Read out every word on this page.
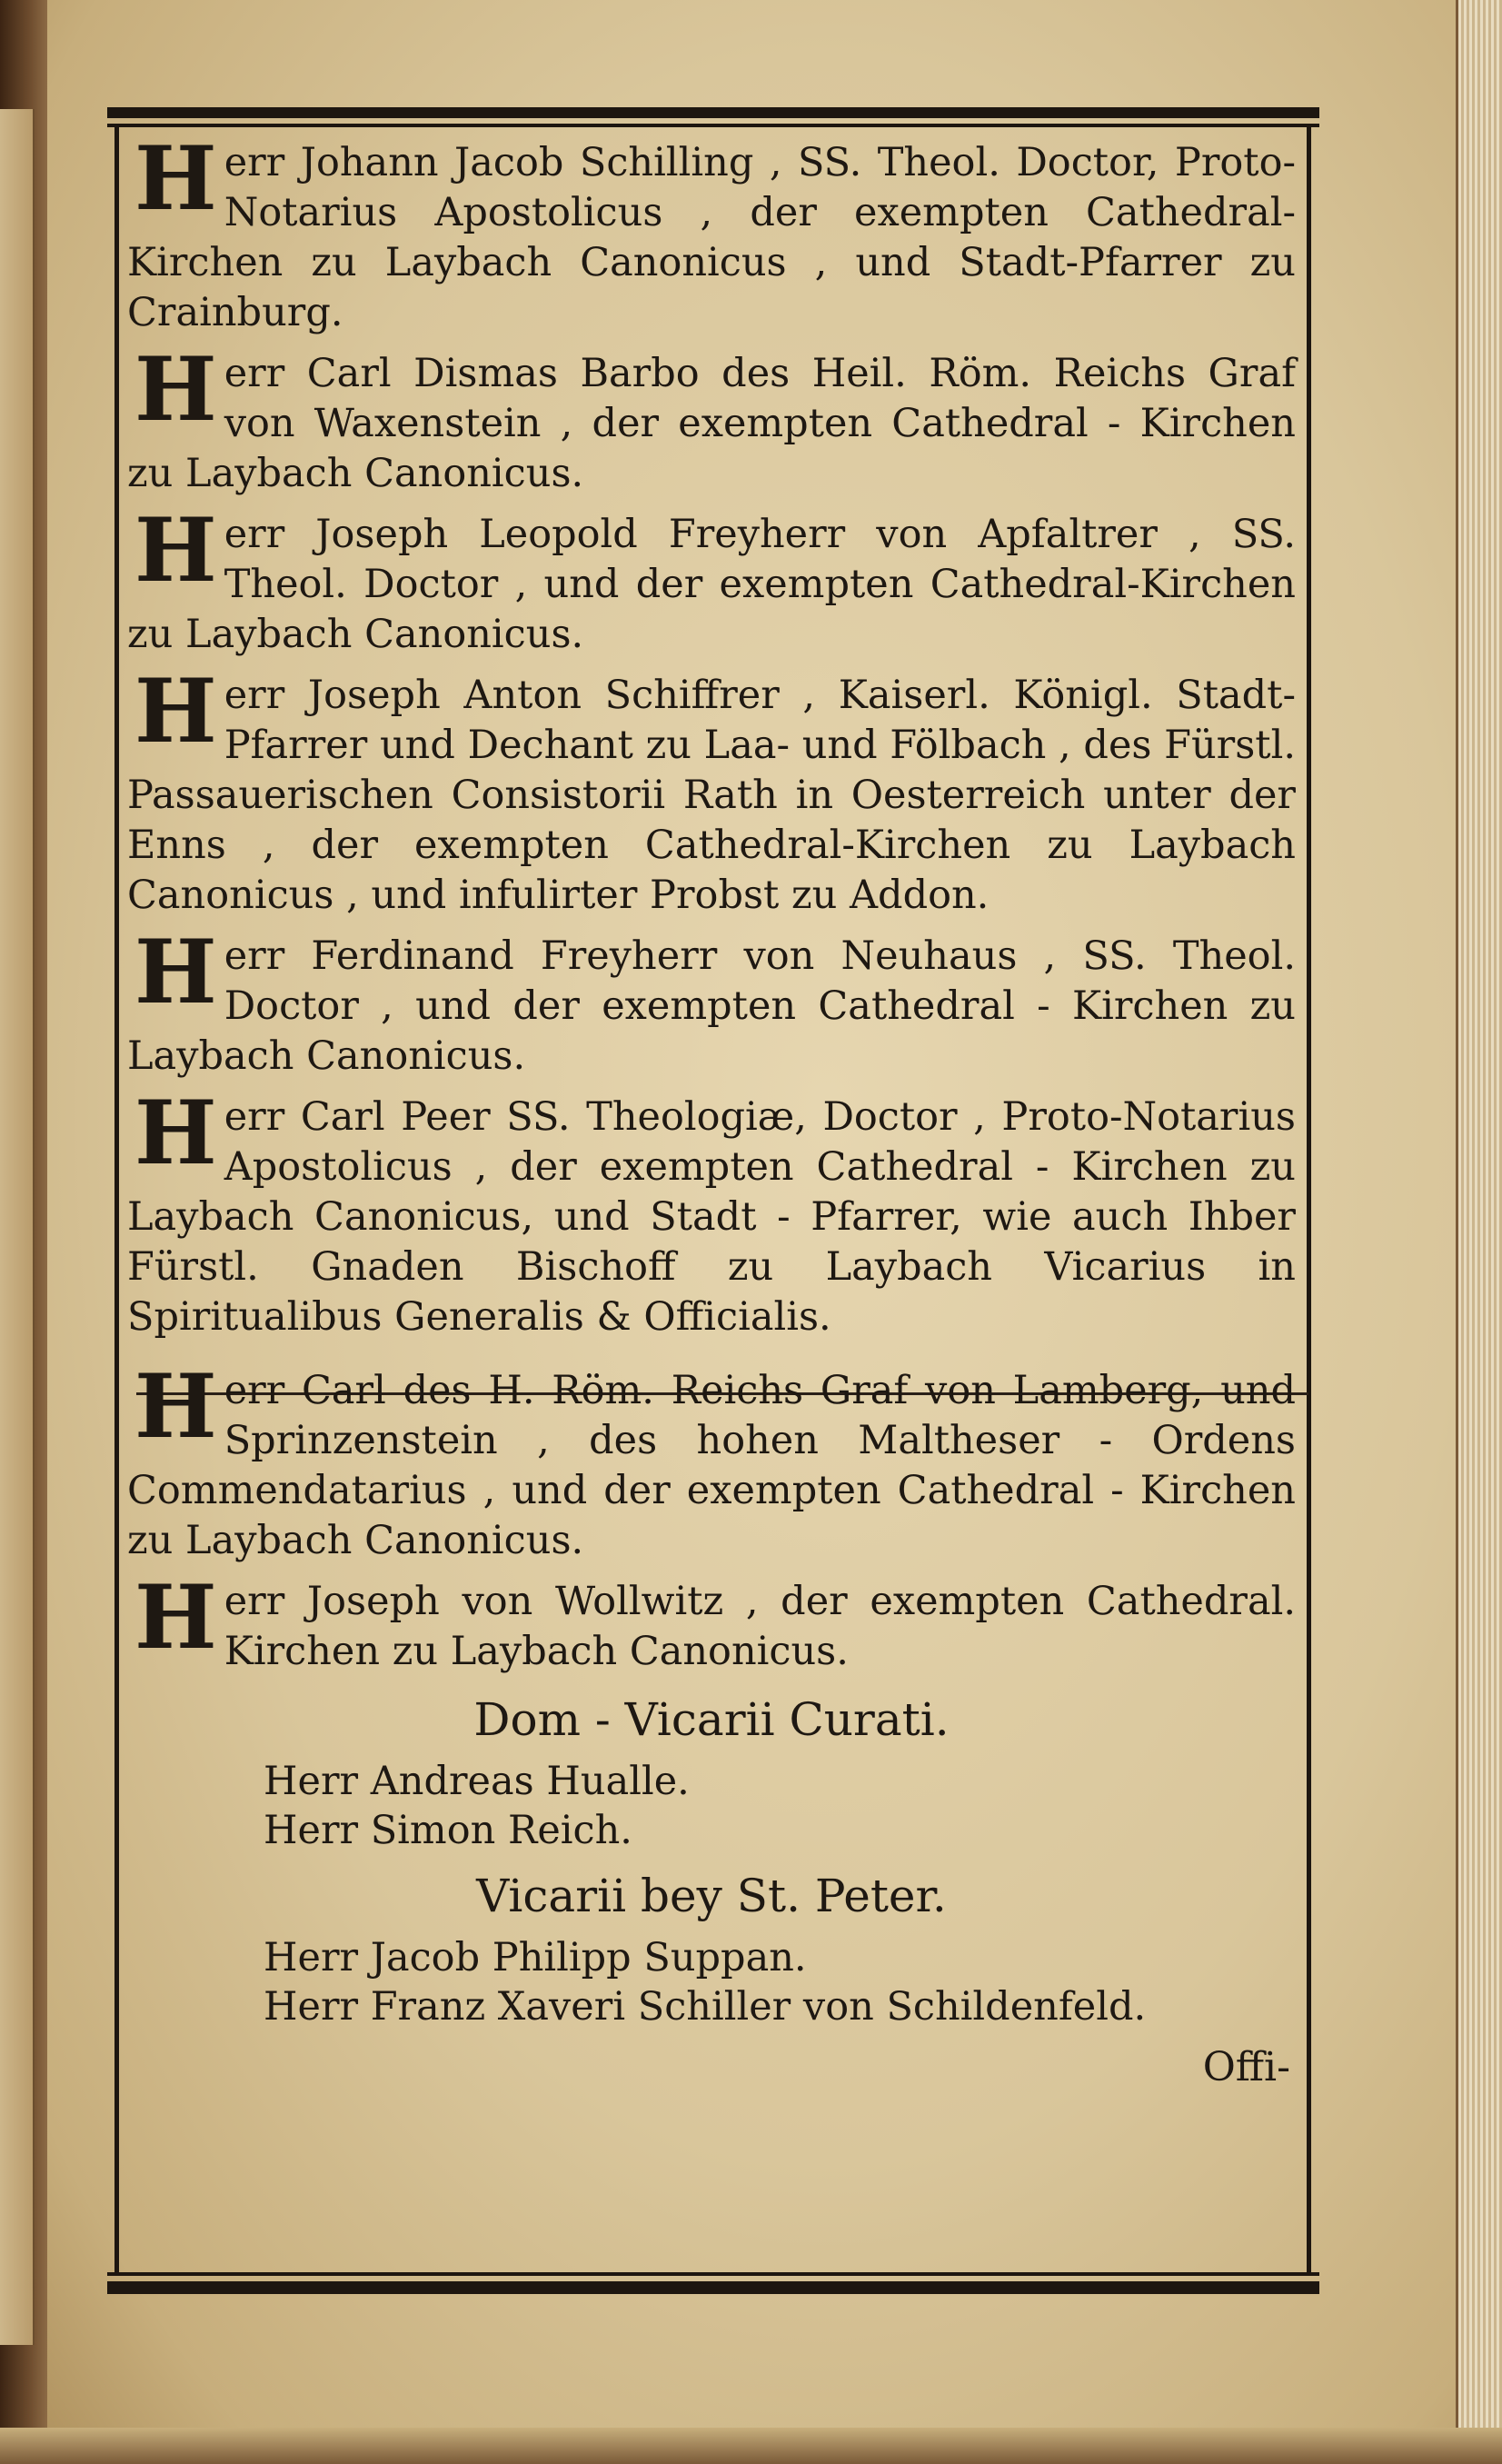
H err Johann Jacob Schilling , SS. Theol. Doctor, Proto-Notarius Apostolicus , der exempten Cathedral-Kirchen zu Laybach Canonicus , und Stadt-Pfarrer zu Crainburg.
H err Carl Dismas Barbo des Heil. Röm. Reichs Graf von Waxenstein , der exempten Cathedral - Kirchen zu Laybach Canonicus.
H err Joseph Leopold Freyherr von Apfaltrer , SS. Theol. Doctor , und der exempten Cathedral-Kirchen zu Laybach Canonicus.
H err Joseph Anton Schiffrer , Kaiserl. Königl. Stadt-Pfarrer und Dechant zu Laa- und Fölbach , des Fürstl. Passauerischen Consistorii Rath in Oesterreich unter der Enns , der exempten Cathedral-Kirchen zu Laybach Canonicus , und infulirter Probst zu Addon.
H err Ferdinand Freyherr von Neuhaus , SS. Theol. Doctor , und der exempten Cathedral - Kirchen zu Laybach Canonicus.
H err Carl Peer SS. Theologiæ, Doctor , Proto-Notarius Apostolicus , der exempten Cathedral - Kirchen zu Laybach Canonicus, und Stadt - Pfarrer, wie auch Ihber Fürstl. Gnaden Bischoff zu Laybach Vicarius in Spiritualibus Generalis & Officialis.
H err Carl des H. Röm. Reichs Graf von Lamberg, und Sprinzenstein , des hohen Maltheser - Ordens Commendatarius , und der exempten Cathedral - Kirchen zu Laybach Canonicus.
H err Joseph von Wollwitz , der exempten Cathedral. Kirchen zu Laybach Canonicus.
Dom - Vicarii Curati.
Herr Andreas Hualle.
Herr Simon Reich.
Vicarii bey St. Peter.
Herr Jacob Philipp Suppan.
Herr Franz Xaveri Schiller von Schildenfeld.
Offi-
